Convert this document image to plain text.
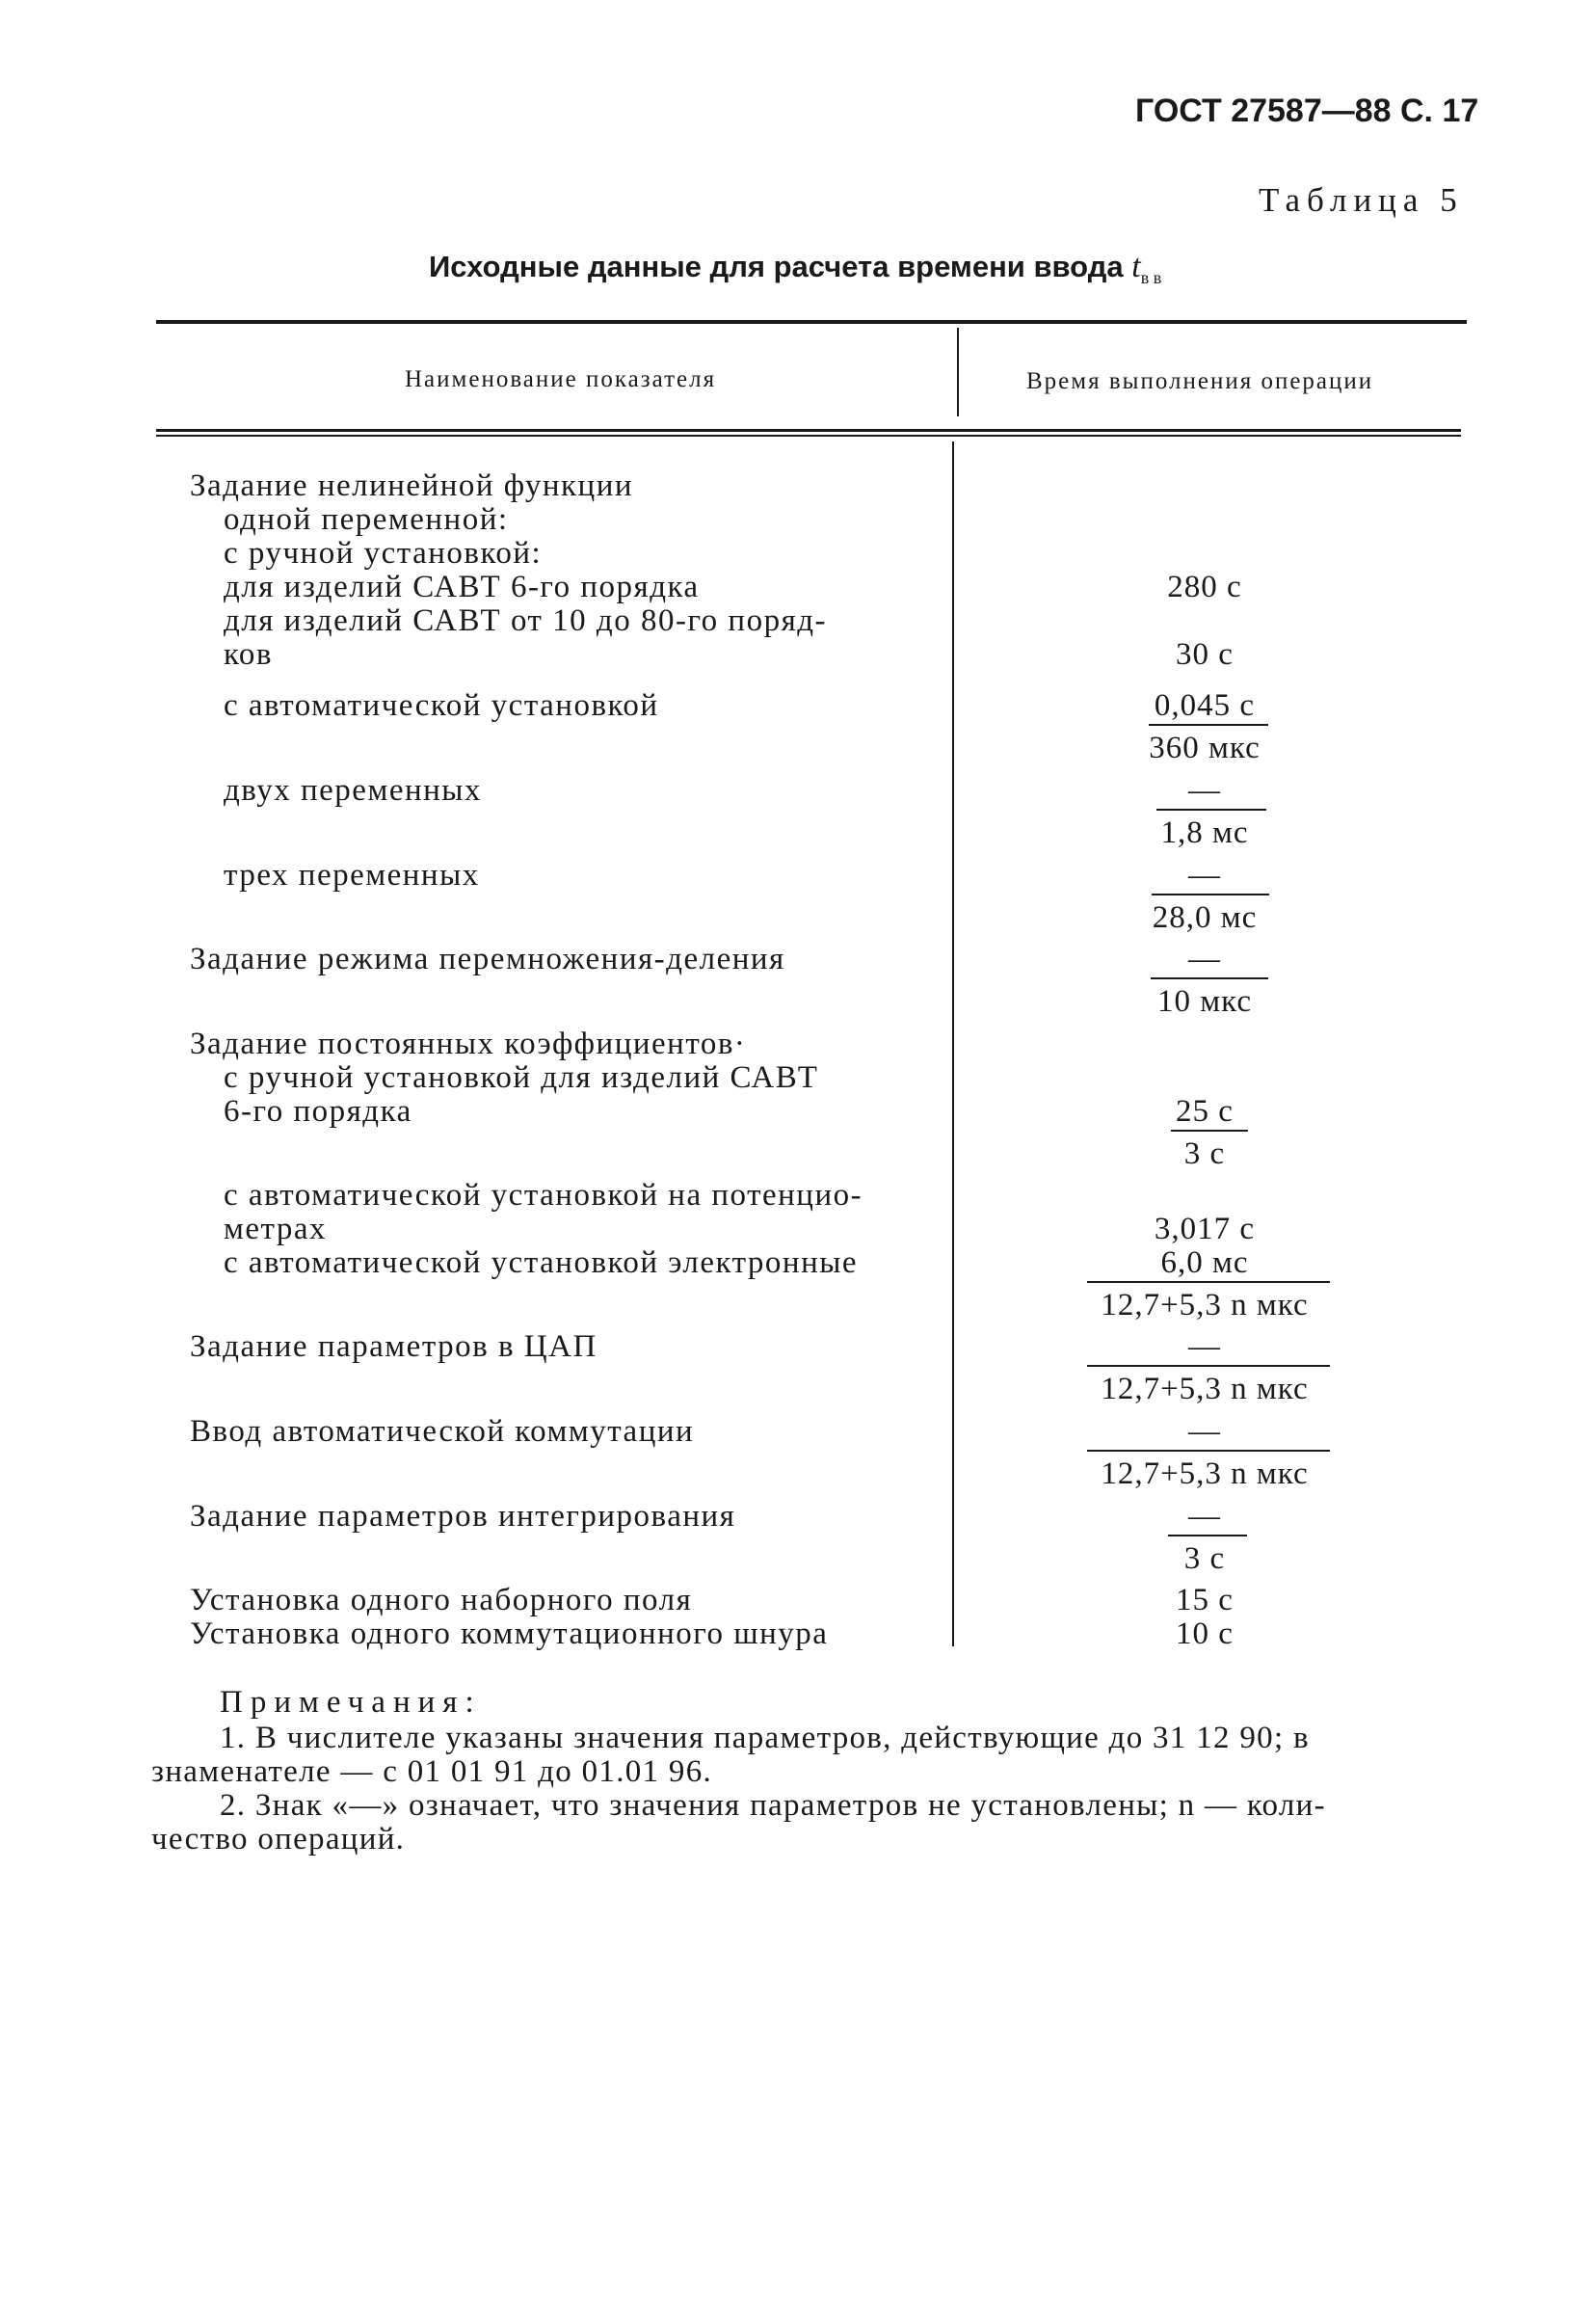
ГОСТ 27587—88 С. 17
Таблица 5
Исходные данные для расчета времени ввода $t_{в в}$
Наименование показателя	Время выполнения операции
Задание нелинейной функции
одной переменной:
с ручной установкой:
для изделий САВТ 6-го порядка
для изделий САВТ от 10 до 80-го поряд-
ков
с автоматической установкой
двух переменных
трех переменных
Задание режима перемножения-деления
Задание постоянных коэффициентов·
с ручной установкой для изделий САВТ
6-го порядка
с автоматической установкой на потенцио-
метрах
с автоматической установкой электронные
Задание параметров в ЦАП
Ввод автоматической коммутации
Задание параметров интегрирования
Установка одного наборного поля
Установка одного коммутационного шнура
280 с
30 с
0,045 с
360 мкс
—
1,8 мс
—
28,0 мс
—
10 мкс
25 с
3 с
3,017 с
6,0 мс
12,7+5,3 n мкс
—
12,7+5,3 n мкс
—
12,7+5,3 n мкс
—
3 с
15 с
10 с
Примечания:
1. В числителе указаны значения параметров, действующие до 31 12 90; в
знаменателе — с 01 01 91 до 01.01 96.
2. Знак «—» означает, что значения параметров не установлены; n — коли-
чество операций.
